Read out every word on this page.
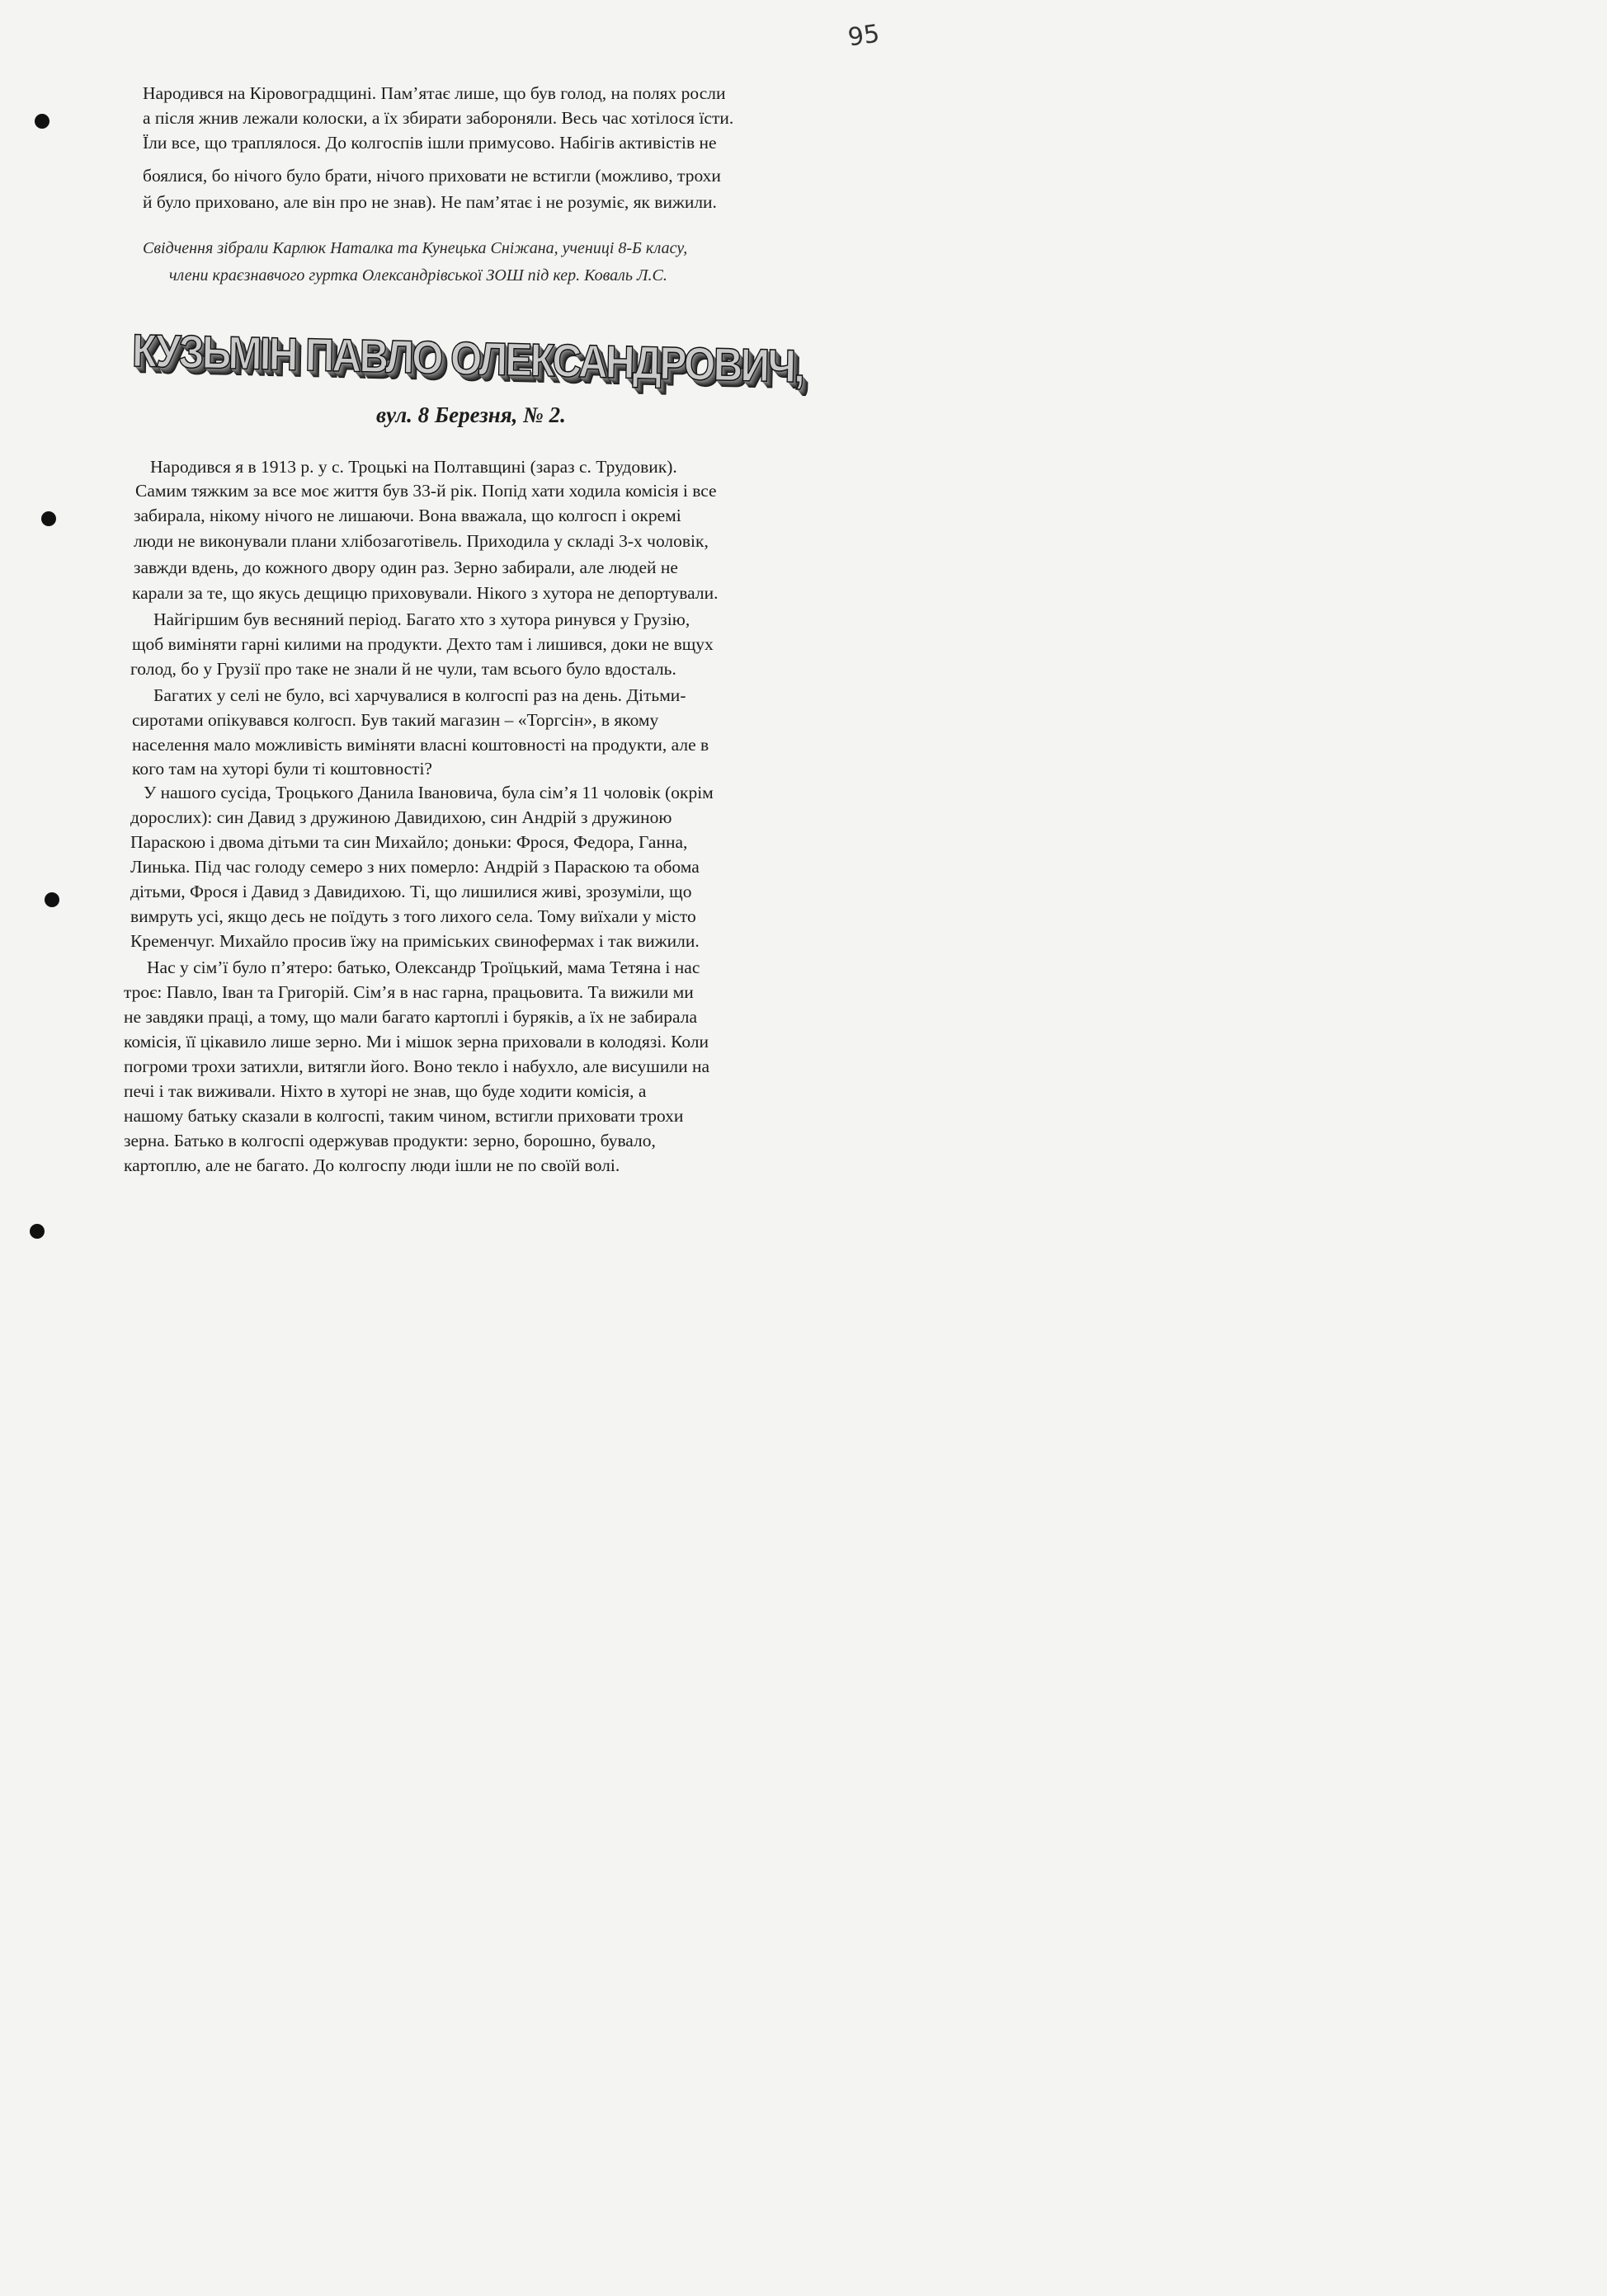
95
Народився на Кіровоградщині. Пам’ятає лише, що був голод, на полях росли
а після жнив лежали колоски, а їх збирати забороняли. Весь час хотілося їсти.
Їли все, що траплялося. До колгоспів ішли примусово. Набігів активістів не
боялися, бо нічого було брати, нічого приховати не встигли (можливо, трохи
й було приховано, але він про не знав). Не пам’ятає і не розуміє, як вижили.
Свідчення зібрали Карлюк Наталка та Кунецька Сніжана, учениці 8-Б класу,
члени краєзнавчого гуртка Олександрівської ЗОШ під кер. Коваль Л.С.
КУЗЬМІН ПАВЛО ОЛЕКСАНДРОВИЧ,
вул. 8 Березня, № 2.
Народився я в 1913 р. у с. Троцькі на Полтавщині (зараз с. Трудовик).
Самим тяжким за все моє життя був 33-й рік. Попід хати ходила комісія і все
забирала, нікому нічого не лишаючи. Вона вважала, що колгосп і окремі
люди не виконували плани хлібозаготівель. Приходила у складі 3-х чоловік,
завжди вдень, до кожного двору один раз. Зерно забирали, але людей не
карали за те, що якусь дещицю приховували. Нікого з хутора не депортували.
Найгіршим був весняний період. Багато хто з хутора ринувся у Грузію,
щоб виміняти гарні килими на продукти. Дехто там і лишився, доки не вщух
голод, бо у Грузії про таке не знали й не чули, там всього було вдосталь.
Багатих у селі не було, всі харчувалися в колгоспі раз на день. Дітьми-
сиротами опікувався колгосп. Був такий магазин – «Торгсін», в якому
населення мало можливість виміняти власні коштовності на продукти, але в
кого там на хуторі були ті коштовності?
У нашого сусіда, Троцького Данила Івановича, була сім’я 11 чоловік (окрім
дорослих): син Давид з дружиною Давидихою, син Андрій з дружиною
Параскою і двома дітьми та син Михайло; доньки: Фрося, Федора, Ганна,
Линька. Під час голоду семеро з них померло: Андрій з Параскою та обома
дітьми, Фрося і Давид з Давидихою. Ті, що лишилися живі, зрозуміли, що
вимруть усі, якщо десь не поїдуть з того лихого села. Тому виїхали у місто
Кременчуг. Михайло просив їжу на приміських свинофермах і так вижили.
Нас у сім’ї було п’ятеро: батько, Олександр Троїцький, мама Тетяна і нас
троє: Павло, Іван та Григорій. Сім’я в нас гарна, працьовита. Та вижили ми
не завдяки праці, а тому, що мали багато картоплі і буряків, а їх не забирала
комісія, її цікавило лише зерно. Ми і мішок зерна приховали в колодязі. Коли
погроми трохи затихли, витягли його. Воно текло і набухло, але висушили на
печі і так виживали. Ніхто в хуторі не знав, що буде ходити комісія, а
нашому батьку сказали в колгоспі, таким чином, встигли приховати трохи
зерна. Батько в колгоспі одержував продукти: зерно, борошно, бувало,
картоплю, але не багато. До колгоспу люди ішли не по своїй волі.
